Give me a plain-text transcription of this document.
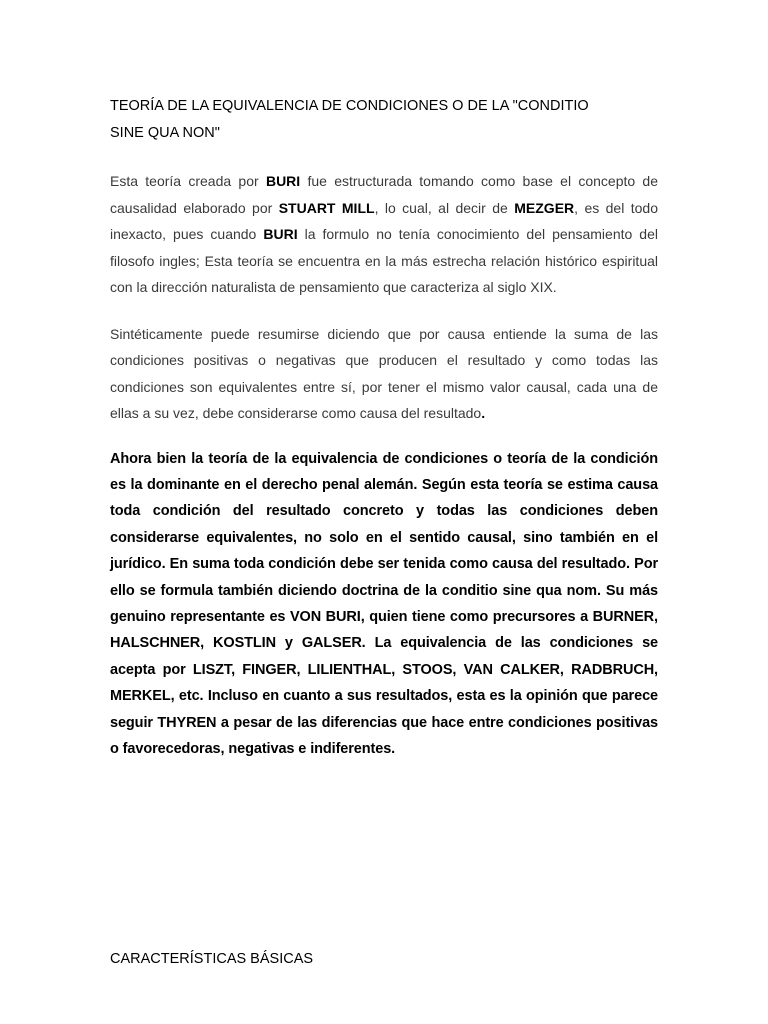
TEORÍA DE LA EQUIVALENCIA DE CONDICIONES O DE LA "CONDITIO
SINE QUA NON"

Esta teoría creada por BURI fue estructurada tomando como base el concepto de causalidad elaborado por STUART MILL, lo cual, al decir de MEZGER, es del todo inexacto, pues cuando BURI la formulo no tenía conocimiento del pensamiento del filosofo ingles; Esta teoría se encuentra en la más estrecha relación histórico espiritual con la dirección naturalista de pensamiento que caracteriza al siglo XIX.

Sintéticamente puede resumirse diciendo que por causa entiende la suma de las condiciones positivas o negativas que producen el resultado y como todas las condiciones son equivalentes entre sí, por tener el mismo valor causal, cada una de ellas a su vez, debe considerarse como causa del resultado.

Ahora bien la teoría de la equivalencia de condiciones o teoría de la condición es la dominante en el derecho penal alemán. Según esta teoría se estima causa toda condición del resultado concreto y todas las condiciones deben considerarse equivalentes, no solo en el sentido causal, sino también en el jurídico. En suma toda condición debe ser tenida como causa del resultado. Por ello se formula también diciendo doctrina de la conditio sine qua nom. Su más genuino representante es VON BURI, quien tiene como precursores a BURNER, HALSCHNER, KOSTLIN y GALSER. La equivalencia de las condiciones se acepta por LISZT, FINGER, LILIENTHAL, STOOS, VAN CALKER, RADBRUCH, MERKEL, etc. Incluso en cuanto a sus resultados, esta es la opinión que parece seguir THYREN a pesar de las diferencias que hace entre condiciones positivas o favorecedoras, negativas e indiferentes.

CARACTERÍSTICAS BÁSICAS
